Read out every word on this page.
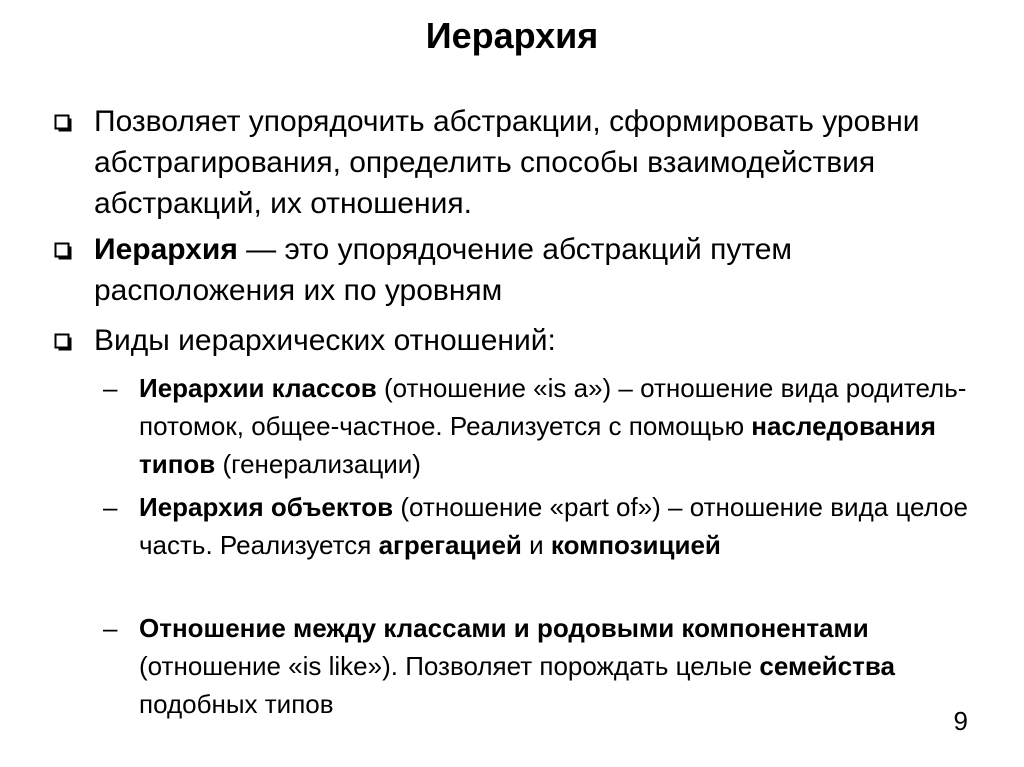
Иерархия
Позволяет упорядочить абстракции, сформировать уровни абстрагирования, определить способы взаимодействия абстракций, их отношения.
Иерархия — это упорядочение абстракций путем расположения их по уровням
Виды иерархических отношений:
– Иерархии классов (отношение «is a») – отношение вида родитель-потомок, общее-частное. Реализуется с помощью наследования типов (генерализации)
– Иерархия объектов (отношение «part of») – отношение вида целое часть. Реализуется агрегацией и композицией
– Отношение между классами и родовыми компонентами (отношение «is like»). Позволяет порождать целые семейства подобных типов
9
